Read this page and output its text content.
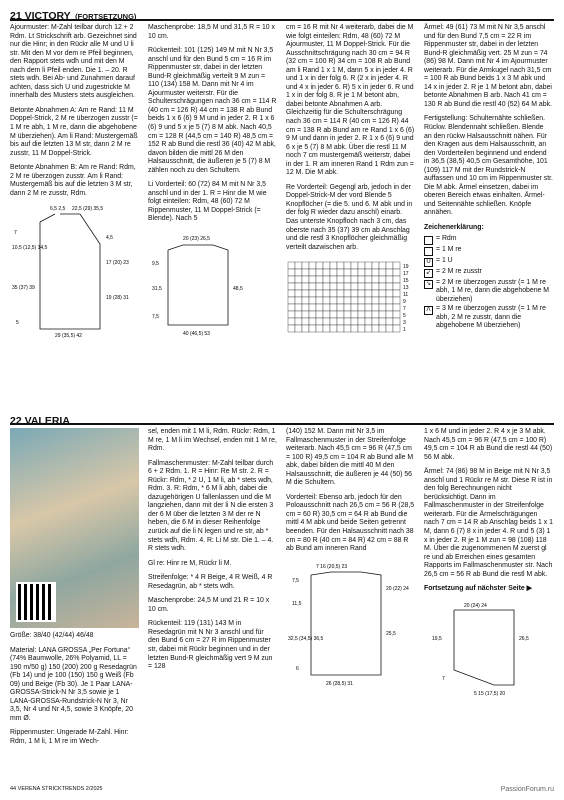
21 VICTORY (FORTSETZUNG)

Ajourmuster: M-Zahl teilbar durch 12 + 2 Rdm. Lt Strickschrift arb. Gezeichnet sind nur die Hinr; in den Rückr alle M und U li str. Mit den M vor dem re Pfeil beginnen, den Rapport stets wdh und mit den M nach dem li Pfeil enden. Die 1. – 20. R stets wdh. Bei Ab- und Zunahmen darauf achten, dass sich U und zugestrickte M innerhalb des Musters stets ausgleichen.

Betonte Abnahmen A: Am re Rand: 11 M Doppel-Strick, 2 M re überzogen zusstr (= 1 M re abh, 1 M re, dann die abgehobene M überziehen). Am li Rand: Mustergemäß bis auf die letzten 13 M str, dann 2 M re zusstr, 11 M Doppel-Strick.

Betonte Abnahmen B: Am re Rand: Rdm, 2 M re überzogen zusstr. Am li Rand: Mustergemäß bis auf die letzten 3 M str, dann 2 M re zusstr, Rdm.

6,5 2,5 22,5 (29) 35,5
7
10,5 (12,5) 14,5
35 (37) 39
4,5
17 (20) 23
19 (28) 31
29 (35,5) 42
5

Maschenprobe: 18,5 M und 31,5 R = 10 x 10 cm.

Rückenteil: 101 (125) 149 M mit N Nr 3,5 anschl und für den Bund 5 cm = 16 R im Rippenmuster str, dabei in der letzten Bund-R gleichmäßig verteilt 9 M zun = 110 (134) 158 M. Dann mit Nr 4 im Ajourmuster weiterstr. Für die Schulterschrägungen nach 36 cm = 114 R (40 cm = 126 R) 44 cm = 138 R ab Bund beids 1 x 6 (6) 9 M und in jeder 2. R 1 x 6 (6) 9 und 5 x je 5 (7) 8 M abk. Nach 40,5 cm = 128 R (44,5 cm = 140 R) 48,5 cm = 152 R ab Bund die restl 36 (40) 42 M abk, davon bilden die mittl 26 M den Halsausschnitt, die äußeren je 5 (7) 8 M zählen noch zu den Schultern.

Li Vorderteil: 60 (72) 84 M mit N Nr 3,5 anschl und in der 1. R = Hinr die M wie folgt einteilen: Rdm, 48 (60) 72 M Rippenmuster, 11 M Doppel-Strick (= Blende). Nach 5

20 (23) 26,5
9,5
31,5
7,5
48,5
40 (46,5) 53

cm = 16 R mit Nr 4 weiterarb, dabei die M wie folgt einteilen: Rdm, 48 (60) 72 M Ajourmuster, 11 M Doppel-Strick. Für die Ausschnittschrägung nach 30 cm = 94 R (32 cm = 100 R) 34 cm = 108 R ab Bund am li Rand 1 x 1 M, dann 5 x in jeder 4. R und 1 x in der folg 6. R (2 x in jeder 4. R und 4 x in jeder 6. R) 5 x in jeder 6. R und 1 x in der folg 8. R je 1 M betont abn, dabei betonte Abnahmen A arb. Gleichzeitig für die Schulterschrägung nach 36 cm = 114 R (40 cm = 126 R) 44 cm = 138 R ab Bund am re Rand 1 x 6 (6) 9 M und dann in jeder 2. R 1 x 6 (6) 9 und 6 x je 5 (7) 8 M abk. Über die restl 11 M noch 7 cm mustergemäß weiterstr, dabei in der 1. R am inneren Rand 1 Rdm zun = 12 M. Die M abk.

Re Vorderteil: Gegengl arb, jedoch in der Doppel-Strick-M der vord Blende 5 Knopflöcher (= die 5. und 6. M abk und in der folg R wieder dazu anschl) einarb. Das unterste Knopfloch nach 3 cm, das oberste nach 35 (37) 39 cm ab Anschlag und die restl 3 Knopflöcher gleichmäßig verteilt dazwischen arb.

19
17
15
13
11
9
7
5
3
1

Ärmel: 49 (61) 73 M mit N Nr 3,5 anschl und für den Bund 7,5 cm = 22 R im Rippenmuster str, dabei in der letzten Bund-R gleichmäßig vert. 25 M zun = 74 (86) 98 M. Dann mit Nr 4 im Ajourmuster weiterarb. Für die Armkugel nach 31,5 cm = 100 R ab Bund beids 1 x 3 M abk und 14 x in jeder 2. R je 1 M betont abn, dabei betonte Abnahmen B arb. Nach 41 cm = 130 R ab Bund die restl 40 (52) 64 M abk.

Fertigstellung: Schulternähte schließen. Rückw. Blendennaht schließen. Blende an den rückw Halsausschnitt nähen. Für den Kragen aus dem Halsausschnitt, an den Vorderteilen beginnend und endend in 36,5 (38,5) 40,5 cm Gesamthöhe, 101 (109) 117 M mit der Rundstrick-N auffassen und 10 cm im Rippenmuster str. Die M abk. Ärmel einsetzen, dabei im oberen Bereich etwas einhalten. Ärmel- und Seitennähte schließen. Knöpfe annähen.

Zeichenerklärung:

= Rdm
= 1 M re
U = 1 U
↙ = 2 M re zusstr
↘ = 2 M re überzogen zusstr (= 1 M re abh, 1 M re, dann die abgehobene M überziehen)
Λ = 3 M re überzogen zusstr (= 1 M re abh, 2 M re zusstr, dann die abgehobene M überziehen)
22 VALERIA

Größe: 38/40 (42/44) 46/48

Material: LANA GROSSA „Per Fortuna“ (74% Baumwolle, 26% Polyamid, LL = 190 m/50 g) 150 (200) 200 g Resedagrün (Fb 14) und je 100 (150) 150 g Weiß (Fb 09) und Beige (Fb 30). Je 1 Paar LANA-GROSSA-Strick-N Nr 3,5 sowie je 1 LANA-GROSSA-Rundstrick-N Nr 3, Nr 3,5, Nr 4 und Nr 4,5, sowie 3 Knöpfe, 20 mm Ø.

Rippenmuster: Ungerade M-Zahl. Hinr: Rdm, 1 M li, 1 M re im Wech-

sel, enden mit 1 M li, Rdm. Rückr: Rdm, 1 M re, 1 M li im Wechsel, enden mit 1 M re, Rdm.

Fallmaschenmuster: M-Zahl teilbar durch 6 + 2 Rdm. 1. R = Hinr: Re M str. 2. R = Rückr: Rdm, * 2 U, 1 M li, ab * stets wdh, Rdm. 3. R: Rdm, * 6 M li abh, dabei die dazugehörigen U fallenlassen und die M langziehen, dann mit der li N die ersten 3 der 6 M über die letzten 3 M der re N heben, die 6 M in dieser Reihenfolge zurück auf die li N legen und re str, ab * stets wdh, Rdm. 4. R: Li M str. Die 1. – 4. R stets wdh.

Gl re: Hinr re M, Rückr li M.

Streifenfolge: * 4 R Beige, 4 R Weiß, 4 R Resedagrün, ab * stets wdh.

Maschenprobe: 24,5 M und 21 R = 10 x 10 cm.

Rückenteil: 119 (131) 143 M in Resedagrün mit N Nr 3 anschl und für den Bund 6 cm = 27 R im Rippenmuster str, dabei mit Rückr beginnen und in der letzten Bund-R gleichmäßig vert 9 M zun = 128

(140) 152 M. Dann mit Nr 3,5 im Fallmaschenmuster in der Streifenfolge weiterarb. Nach 45,5 cm = 96 R (47,5 cm = 100 R) 49,5 cm = 104 R ab Bund alle M abk, dabei bilden die mittl 40 M den Halsausschnitt, die äußeren je 44 (50) 56 M die Schultern.

Vorderteil: Ebenso arb, jedoch für den Poloausschnitt nach 26,5 cm = 56 R (28,5 cm = 60 R) 30,5 cm = 64 R ab Bund die mittl 4 M abk und beide Seiten getrennt beenden. Für den Halsausschnitt nach 38 cm = 80 R (40 cm = 84 R) 42 cm = 88 R ab Bund am inneren Rand

7 16 (20,5) 23
7,5
11,5
32,5 (34,5) 36,5
6
20 (22) 24
25,5
26 (28,5) 31

1 x 6 M und in jeder 2. R 4 x je 3 M abk. Nach 45,5 cm = 96 R (47,5 cm = 100 R) 49,5 cm = 104 R ab Bund die restl 44 (50) 56 M abk.

Ärmel: 74 (86) 98 M in Beige mit N Nr 3,5 anschl und 1 Rückr re M str. Diese R ist in den folg Berechnungen nicht berücksichtigt. Dann im Fallmaschenmuster in der Streifenfolge weiterarb. Für die Ärmelschrägungen nach 7 cm = 14 R ab Anschlag beids 1 x 1 M, dann 6 (7) 8 x in jeder 4. R und 5 (3) 1 x in jeder 2. R je 1 M zun = 98 (108) 118 M. Über die zugenommenen M zuerst gl re und ab Erreichen eines gesamten Rapports im Fallmaschenmuster str. Nach 26,5 cm = 56 R ab Bund die restl M abk.

Fortsetzung auf nächster Seite ▶

20 (24) 24
19,5
7
26,5
5 15 (17,5) 20
44 VERENA STRICKTRENDS 2/2025	PassionForum.ru
